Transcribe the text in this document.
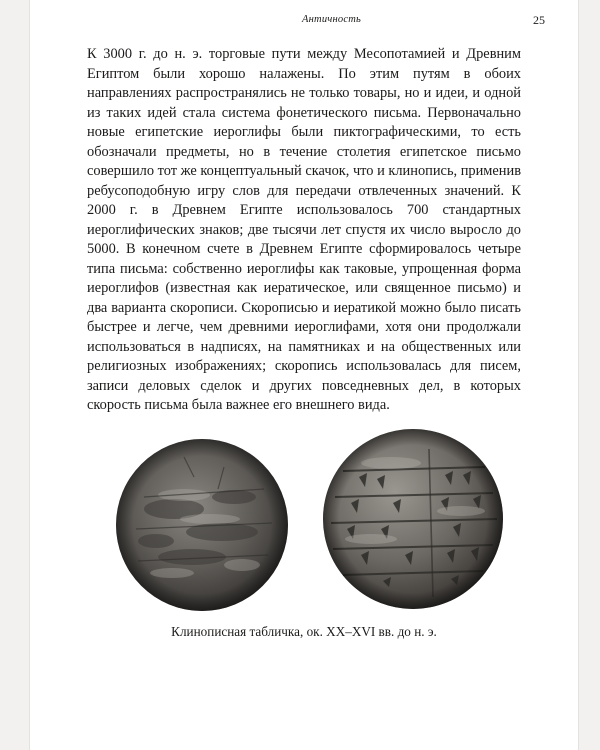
Античность	25

К 3000 г. до н. э. торговые пути между Месопотамией и Древним Египтом были хорошо налажены. По этим путям в обоих направлениях распространялись не только товары, но и идеи, и одной из таких идей стала система фонетического письма. Первоначально новые египетские иероглифы были пиктографическими, то есть обозначали предметы, но в течение столетия египетское письмо совершило тот же концептуальный скачок, что и клинопись, применив ребусоподобную игру слов для передачи отвлеченных значений. К 2000 г. в Древнем Египте использовалось 700 стандартных иероглифических знаков; две тысячи лет спустя их число выросло до 5000. В конечном счете в Древнем Египте сформировалось четыре типа письма: собственно иероглифы как таковые, упрощенная форма иероглифов (известная как иератическое, или священное письмо) и два варианта скорописи. Скорописью и иератикой можно было писать быстрее и легче, чем древними иероглифами, хотя они продолжали использоваться в надписях, на памятниках и на общественных или религиозных изображениях; скоропись использовалась для писем, записи деловых сделок и других повседневных дел, в которых скорость письма была важнее его внешнего вида.

Клинописная табличка, ок. XX–XVI вв. до н. э.
